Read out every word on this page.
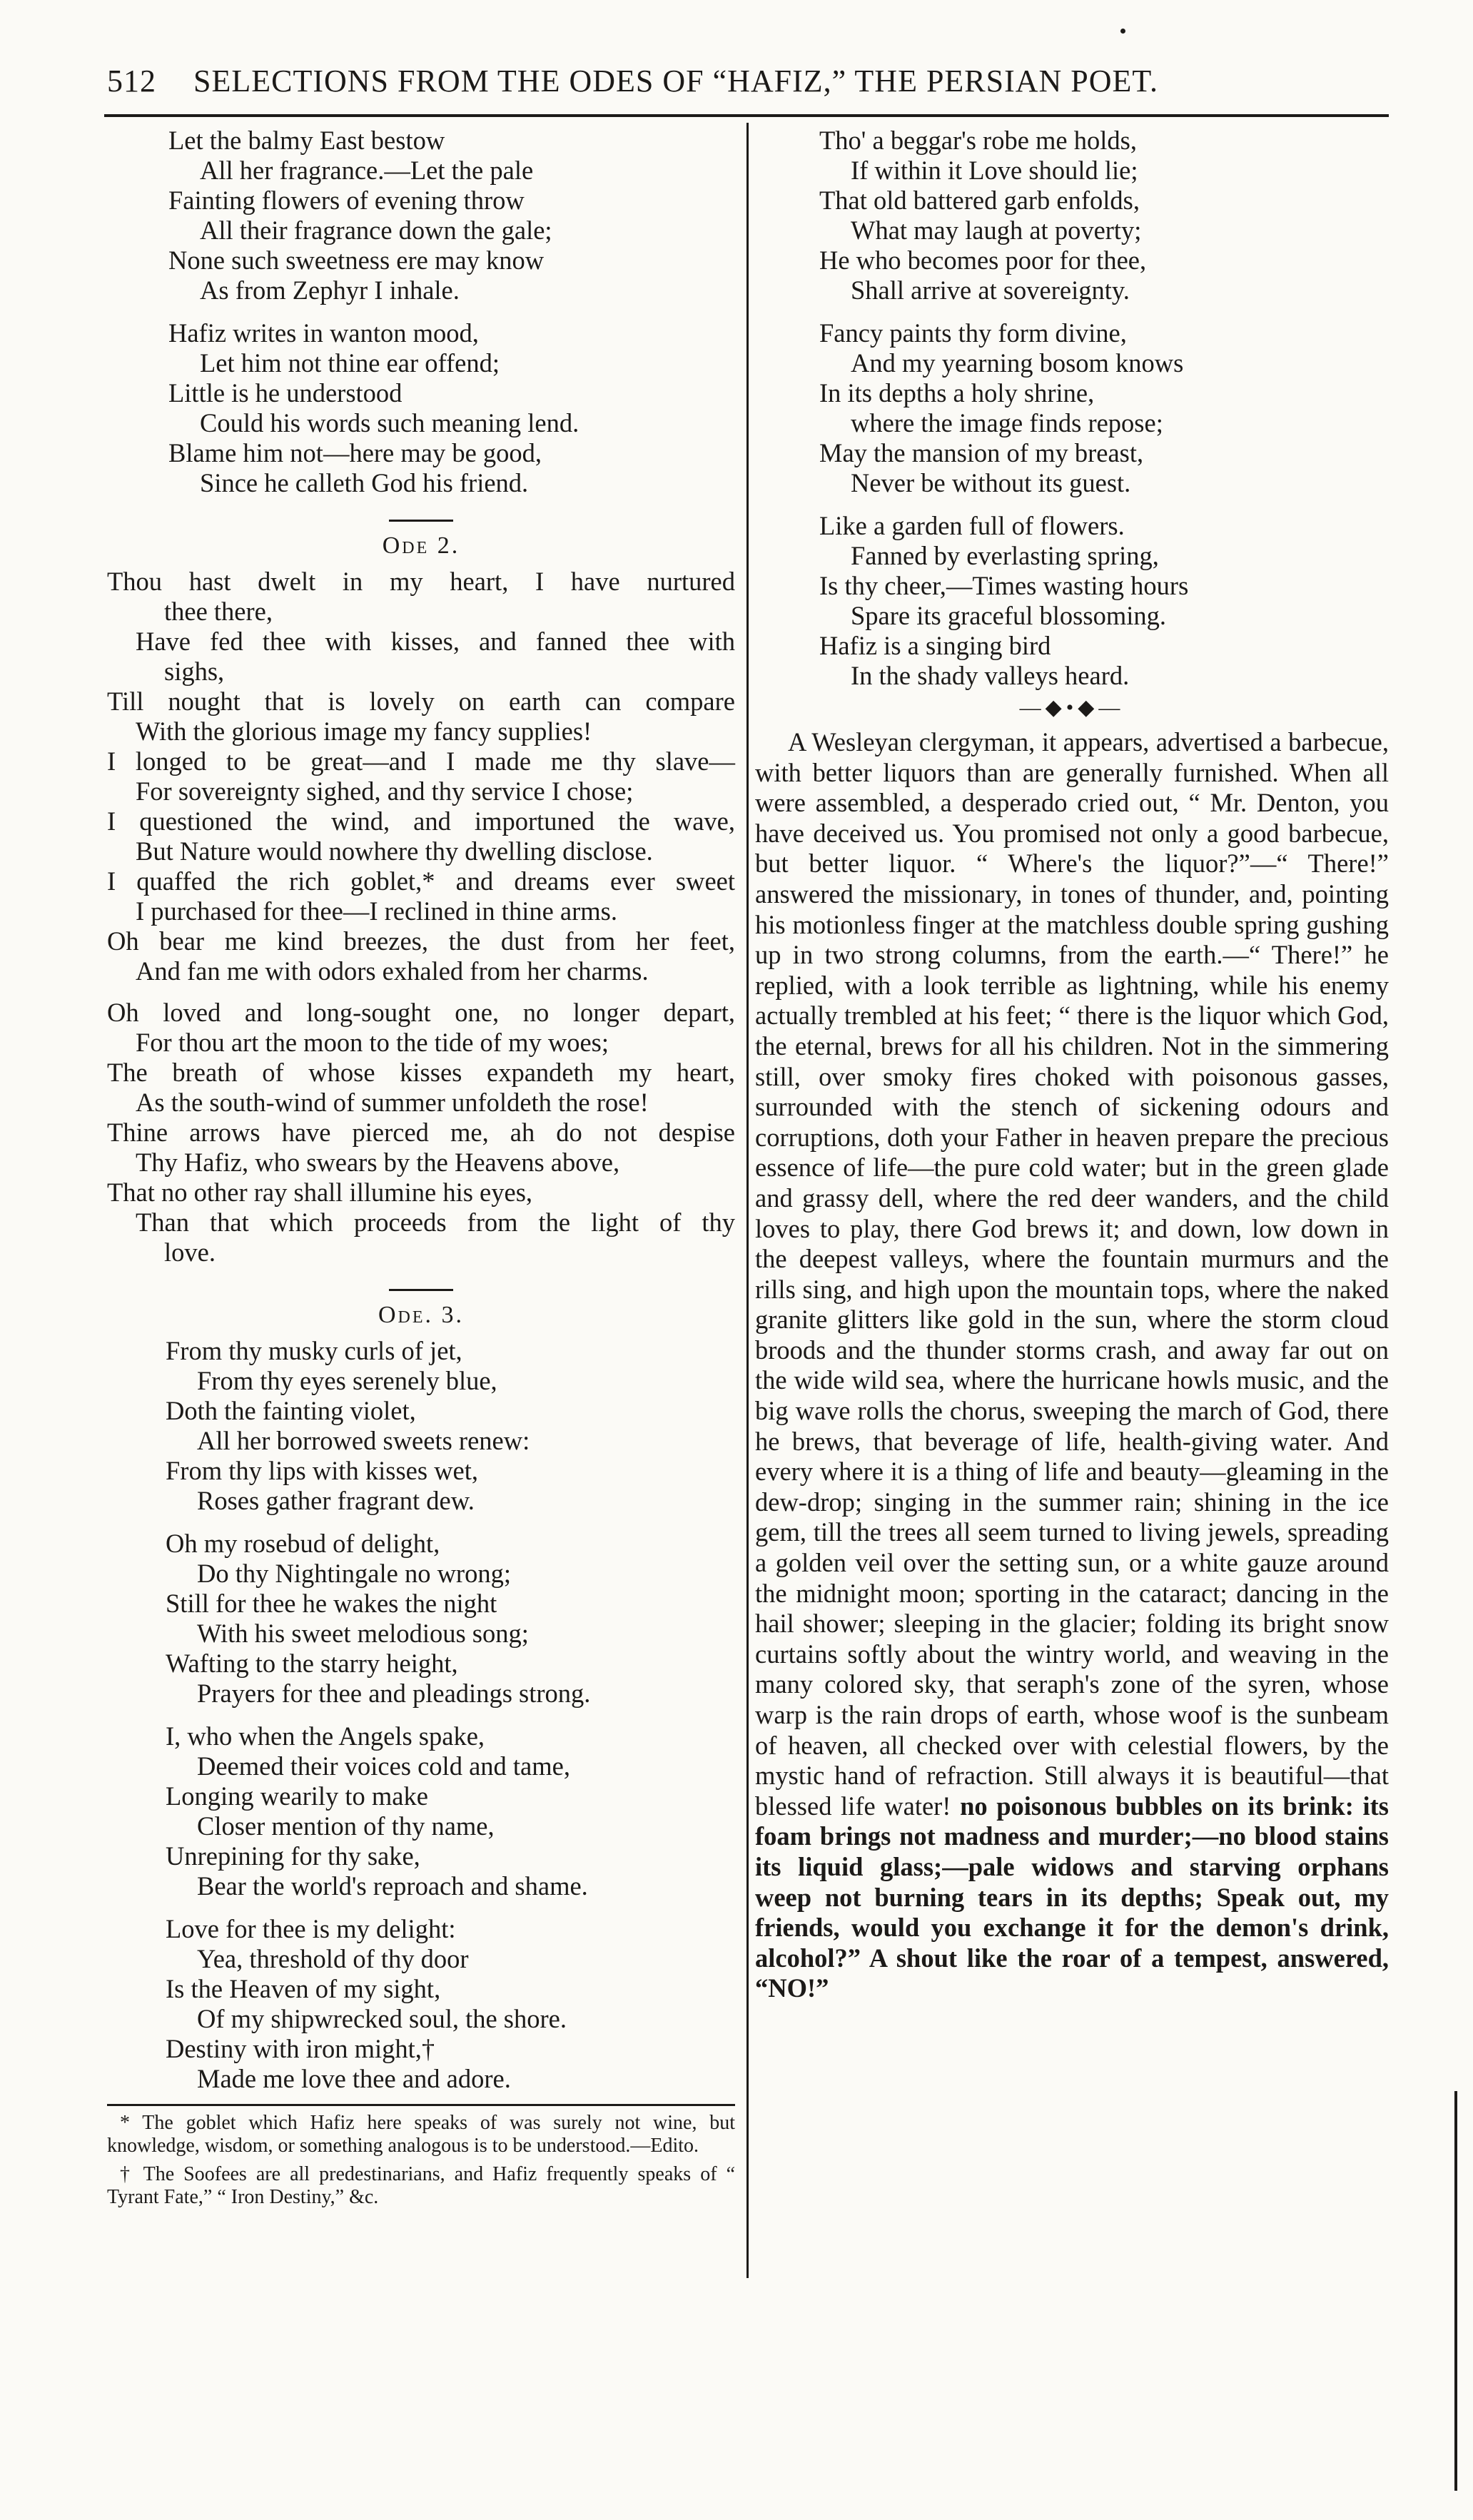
512 SELECTIONS FROM THE ODES OF “HAFIZ,” THE PERSIAN POET.
Let the balmy East bestow
All her fragrance.—Let the pale
Fainting flowers of evening throw
All their fragrance down the gale;
None such sweetness ere may know
As from Zephyr I inhale.
Hafiz writes in wanton mood,
Let him not thine ear offend;
Little is he understood
Could his words such meaning lend.
Blame him not—here may be good,
Since he calleth God his friend.
Ode 2.
Thou hast dwelt in my heart, I have nurtured
thee there,
Have fed thee with kisses, and fanned thee with
sighs,
Till nought that is lovely on earth can compare
With the glorious image my fancy supplies!
I longed to be great—and I made me thy slave—
For sovereignty sighed, and thy service I chose;
I questioned the wind, and importuned the wave,
But Nature would nowhere thy dwelling disclose.
I quaffed the rich goblet,* and dreams ever sweet
I purchased for thee—I reclined in thine arms.
Oh bear me kind breezes, the dust from her feet,
And fan me with odors exhaled from her charms.
Oh loved and long-sought one, no longer depart,
For thou art the moon to the tide of my woes;
The breath of whose kisses expandeth my heart,
As the south-wind of summer unfoldeth the rose!
Thine arrows have pierced me, ah do not despise
Thy Hafiz, who swears by the Heavens above,
That no other ray shall illumine his eyes,
Than that which proceeds from the light of thy
love.
Ode. 3.
From thy musky curls of jet,
From thy eyes serenely blue,
Doth the fainting violet,
All her borrowed sweets renew:
From thy lips with kisses wet,
Roses gather fragrant dew.
Oh my rosebud of delight,
Do thy Nightingale no wrong;
Still for thee he wakes the night
With his sweet melodious song;
Wafting to the starry height,
Prayers for thee and pleadings strong.
I, who when the Angels spake,
Deemed their voices cold and tame,
Longing wearily to make
Closer mention of thy name,
Unrepining for thy sake,
Bear the world's reproach and shame.
Love for thee is my delight:
Yea, threshold of thy door
Is the Heaven of my sight,
Of my shipwrecked soul, the shore.
Destiny with iron might,†
Made me love thee and adore.
* The goblet which Hafiz here speaks of was surely not wine, but knowledge, wisdom, or something analogous is to be understood.—Edito.
† The Soofees are all predestinarians, and Hafiz frequently speaks of “ Tyrant Fate,” “ Iron Destiny,” &c.
Tho' a beggar's robe me holds,
If within it Love should lie;
That old battered garb enfolds,
What may laugh at poverty;
He who becomes poor for thee,
Shall arrive at sovereignty.
Fancy paints thy form divine,
And my yearning bosom knows
In its depths a holy shrine,
where the image finds repose;
May the mansion of my breast,
Never be without its guest.
Like a garden full of flowers.
Fanned by everlasting spring,
Is thy cheer,—Times wasting hours
Spare its graceful blossoming.
Hafiz is a singing bird
In the shady valleys heard.
—◆•◆—
A Wesleyan clergyman, it appears, advertised a barbecue, with better liquors than are generally furnished. When all were assembled, a desperado cried out, “ Mr. Denton, you have deceived us. You promised not only a good barbecue, but better liquor. “ Where's the liquor?”—“ There!” answered the missionary, in tones of thunder, and, pointing his motionless finger at the matchless double spring gushing up in two strong columns, from the earth.—“ There!” he replied, with a look terrible as lightning, while his enemy actually trembled at his feet; “ there is the liquor which God, the eternal, brews for all his children. Not in the simmering still, over smoky fires choked with poisonous gasses, surrounded with the stench of sickening odours and corruptions, doth your Father in heaven prepare the precious essence of life—the pure cold water; but in the green glade and grassy dell, where the red deer wanders, and the child loves to play, there God brews it; and down, low down in the deepest valleys, where the fountain murmurs and the rills sing, and high upon the mountain tops, where the naked granite glitters like gold in the sun, where the storm cloud broods and the thunder storms crash, and away far out on the wide wild sea, where the hurricane howls music, and the big wave rolls the chorus, sweeping the march of God, there he brews, that beverage of life, health-giving water. And every where it is a thing of life and beauty—gleaming in the dew-drop; singing in the summer rain; shining in the ice gem, till the trees all seem turned to living jewels, spreading a golden veil over the setting sun, or a white gauze around the midnight moon; sporting in the cataract; dancing in the hail shower; sleeping in the glacier; folding its bright snow curtains softly about the wintry world, and weaving in the many colored sky, that seraph's zone of the syren, whose warp is the rain drops of earth, whose woof is the sunbeam of heaven, all checked over with celestial flowers, by the mystic hand of refraction. Still always it is beautiful—that blessed life water! no poisonous bubbles on its brink: its foam brings not madness and murder;—no blood stains its liquid glass;—pale widows and starving orphans weep not burning tears in its depths; Speak out, my friends, would you exchange it for the demon's drink, alcohol?” A shout like the roar of a tempest, answered, “NO!”
